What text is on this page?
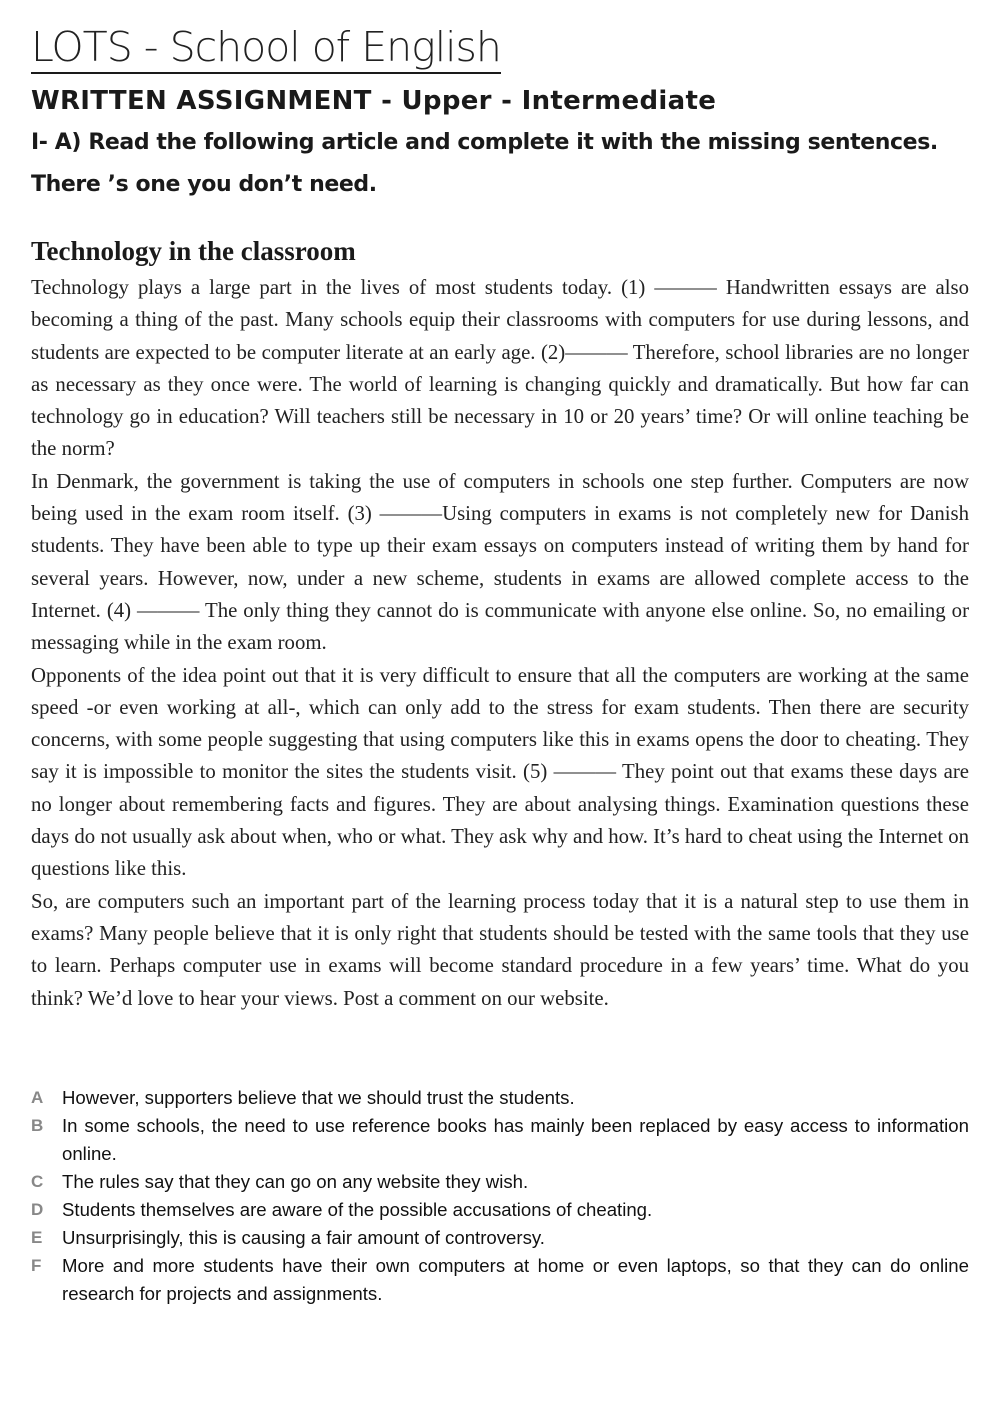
LOTS - School of English
WRITTEN ASSIGNMENT - Upper - Intermediate
I- A) Read the following article and complete it with the missing sentences. There ’s one you don’t need.
Technology in the classroom

Technology plays a large part in the lives of most students today. (1) ——— Handwritten essays are also becoming a thing of the past. Many schools equip their classrooms with computers for use during lessons, and students are expected to be computer literate at an early age. (2)——— Therefore, school libraries are no longer as necessary as they once were. The world of learning is changing quickly and dramatically. But how far can technology go in education? Will teachers still be necessary in 10 or 20 years’ time? Or will online teaching be the norm?

In Denmark, the government is taking the use of computers in schools one step further. Computers are now being used in the exam room itself. (3) ———Using computers in exams is not completely new for Danish students. They have been able to type up their exam essays on computers instead of writing them by hand for several years. However, now, under a new scheme, students in exams are allowed complete access to the Internet. (4) ——— The only thing they cannot do is communicate with anyone else online. So, no emailing or messaging while in the exam room.

Opponents of the idea point out that it is very difficult to ensure that all the computers are working at the same speed -or even working at all-, which can only add to the stress for exam students. Then there are security concerns, with some people suggesting that using computers like this in exams opens the door to cheating. They say it is impossible to monitor the sites the students visit. (5) ——— They point out that exams these days are no longer about remembering facts and figures. They are about analysing things. Examination questions these days do not usually ask about when, who or what. They ask why and how. It’s hard to cheat using the Internet on questions like this.

So, are computers such an important part of the learning process today that it is a natural step to use them in exams? Many people believe that it is only right that students should be tested with the same tools that they use to learn. Perhaps computer use in exams will become standard procedure in a few years’ time. What do you think? We’d love to hear your views. Post a comment on our website.

A	However, supporters believe that we should trust the students.
B	In some schools, the need to use reference books has mainly been replaced by easy access to information online.
C	The rules say that they can go on any website they wish.
D	Students themselves are aware of the possible accusations of cheating.
E	Unsurprisingly, this is causing a fair amount of controversy.
F	More and more students have their own computers at home or even laptops, so that they can do online research for projects and assignments.
